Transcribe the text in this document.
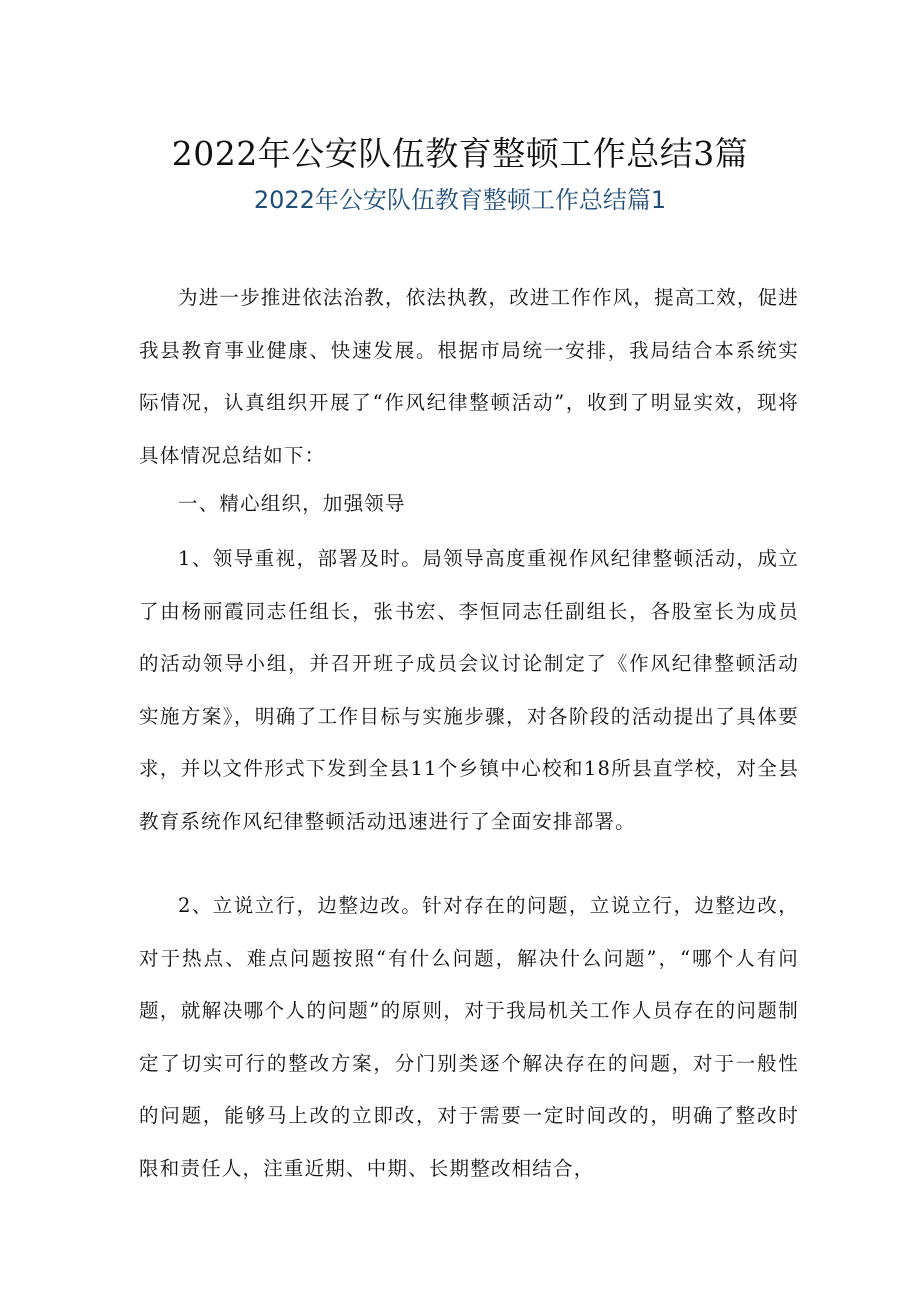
2022年公安队伍教育整顿工作总结3篇
2022年公安队伍教育整顿工作总结篇1

为进一步推进依法治教，依法执教，改进工作作风，提高工效，促进我县教育事业健康、快速发展。根据市局统一安排，我局结合本系统实际情况，认真组织开展了“作风纪律整顿活动”，收到了明显实效，现将具体情况总结如下：

一、精心组织，加强领导

1、领导重视，部署及时。局领导高度重视作风纪律整顿活动，成立了由杨丽霞同志任组长，张书宏、李恒同志任副组长，各股室长为成员的活动领导小组，并召开班子成员会议讨论制定了《作风纪律整顿活动实施方案》，明确了工作目标与实施步骤，对各阶段的活动提出了具体要求，并以文件形式下发到全县11个乡镇中心校和18所县直学校，对全县教育系统作风纪律整顿活动迅速进行了全面安排部署。

2、立说立行，边整边改。针对存在的问题，立说立行，边整边改，对于热点、难点问题按照“有什么问题，解决什么问题”，“哪个人有问题，就解决哪个人的问题”的原则，对于我局机关工作人员存在的问题制定了切实可行的整改方案，分门别类逐个解决存在的问题，对于一般性的问题，能够马上改的立即改，对于需要一定时间改的，明确了整改时限和责任人，注重近期、中期、长期整改相结合，
